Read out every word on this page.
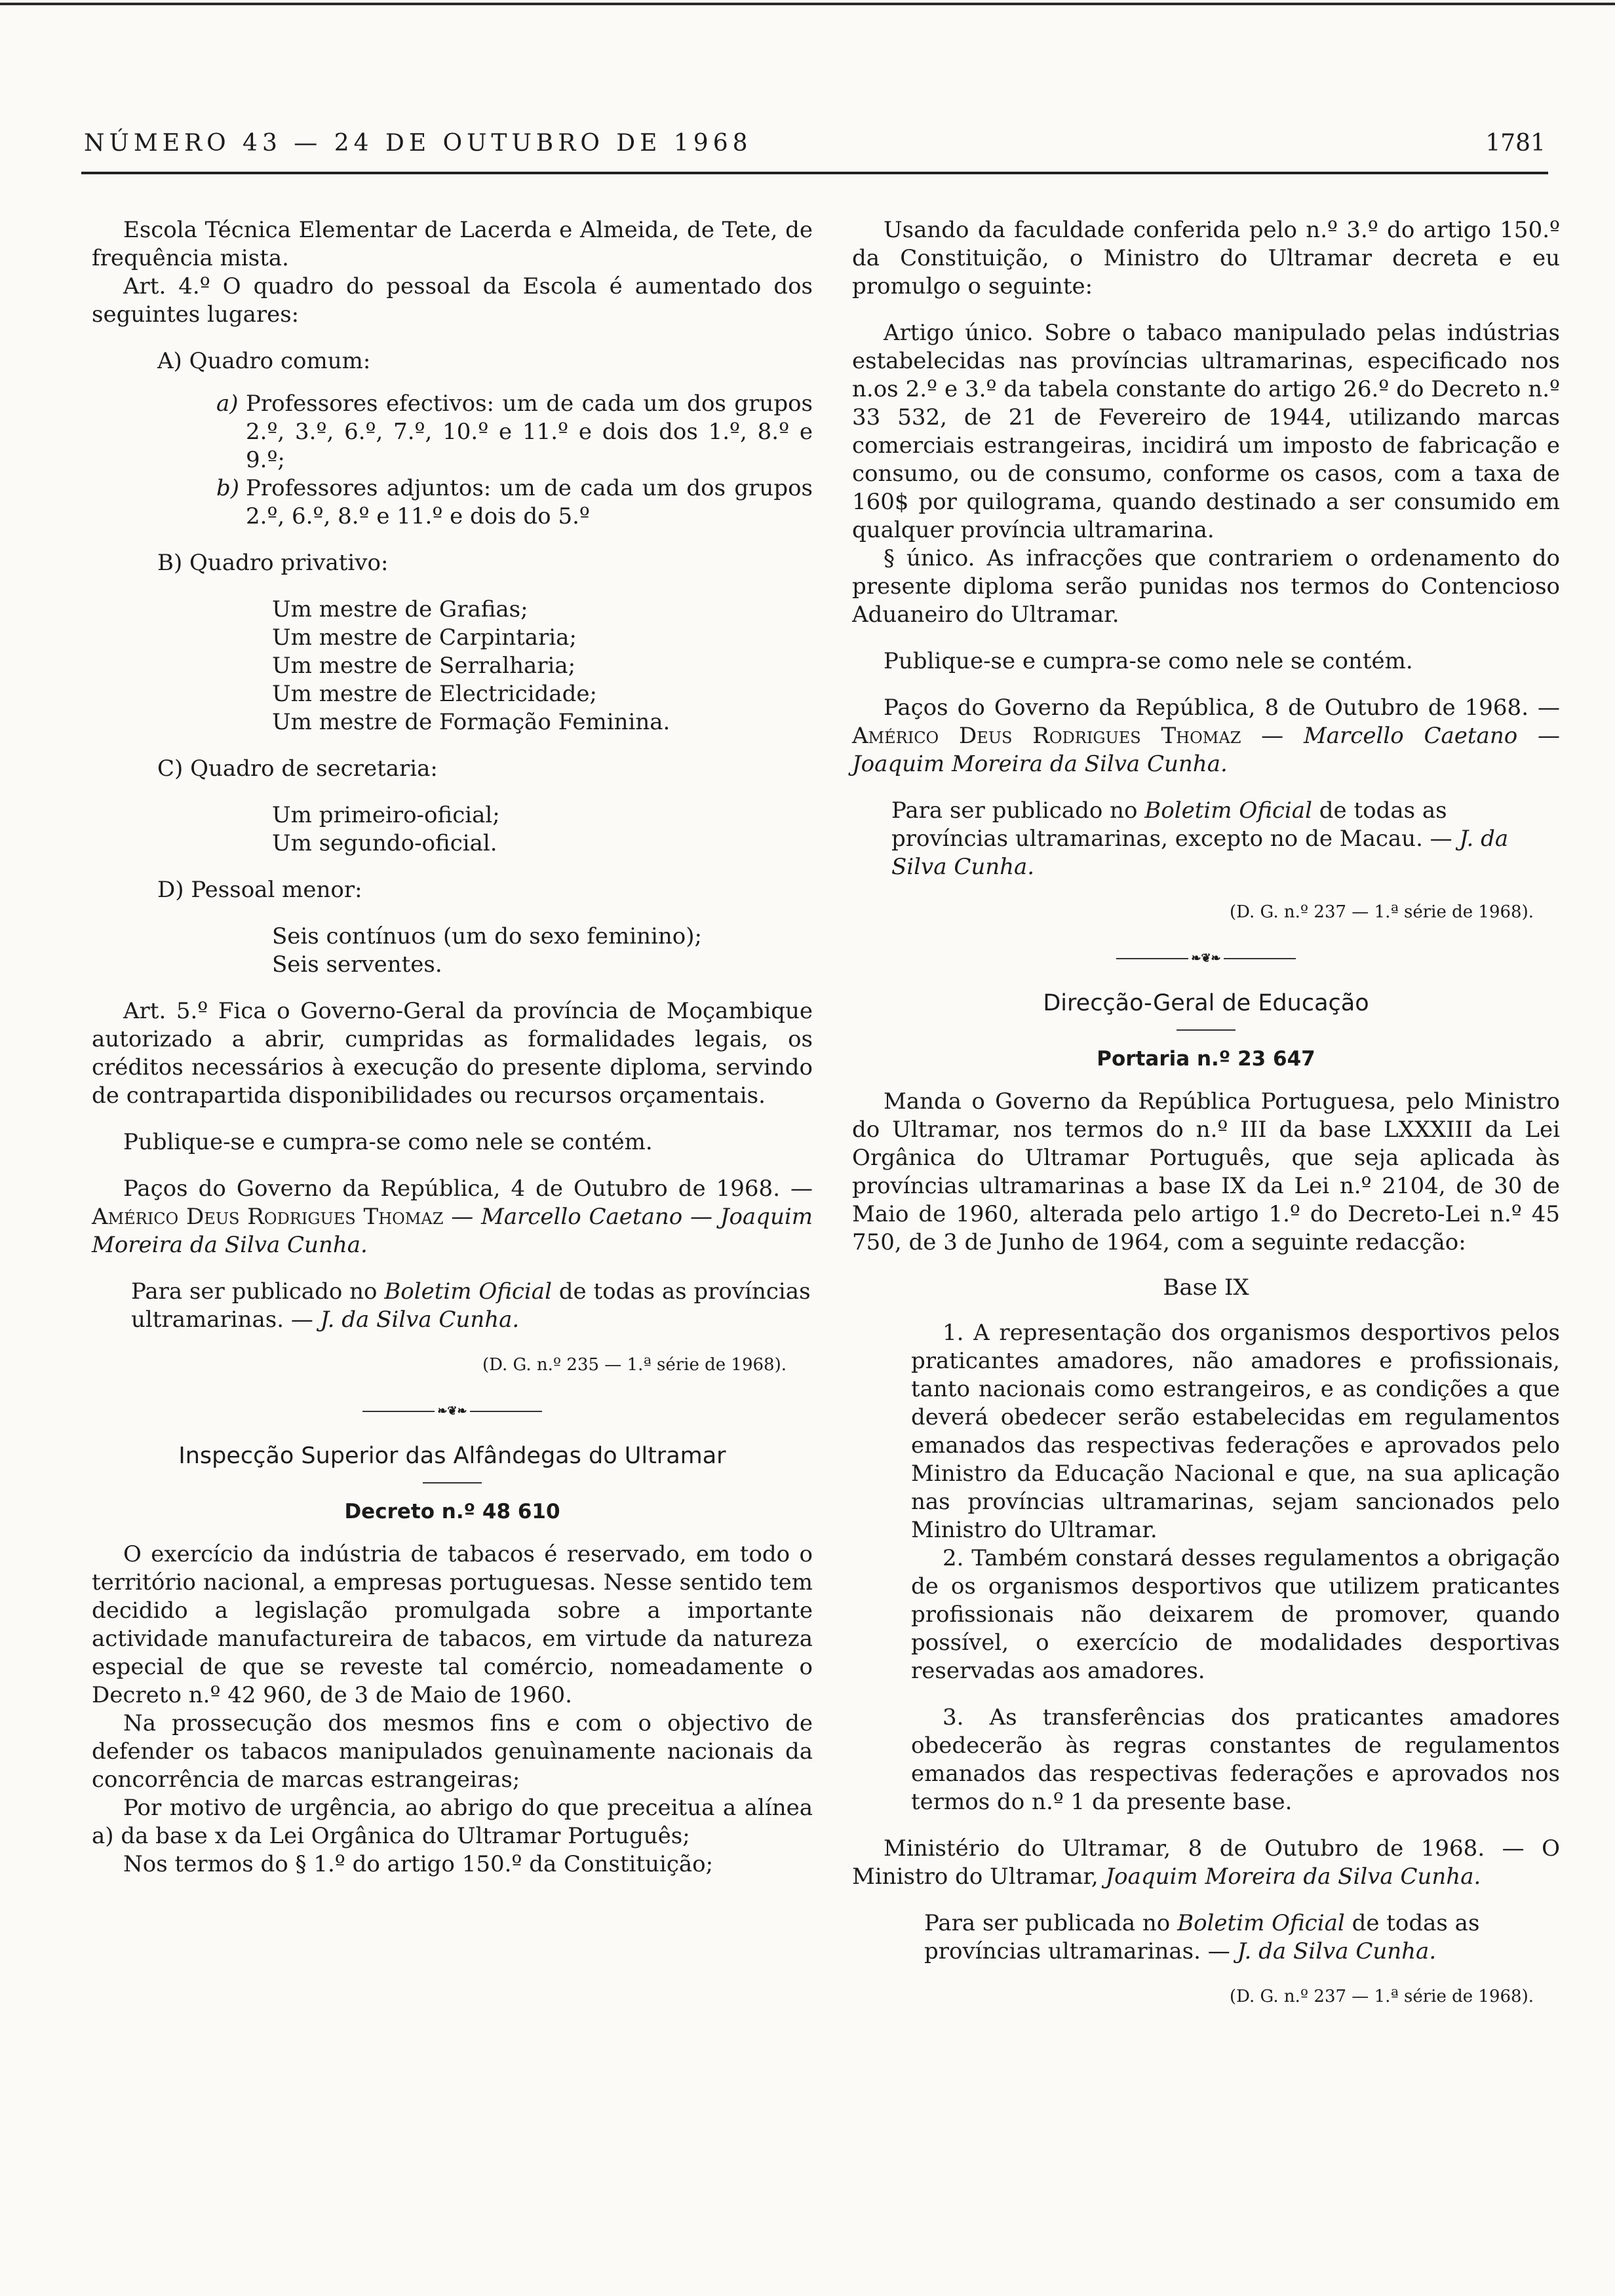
NÚMERO 43 — 24 DE OUTUBRO DE 1968	1781

Escola Técnica Elementar de Lacerda e Almeida, de Tete, de frequência mista.

Art. 4.º O quadro do pessoal da Escola é aumentado dos seguintes lugares:

A) Quadro comum:
a) Professores efectivos: um de cada um dos grupos 2.º, 3.º, 6.º, 7.º, 10.º e 11.º e dois dos 1.º, 8.º e 9.º;

b) Professores adjuntos: um de cada um dos grupos 2.º, 6.º, 8.º e 11.º e dois do 5.º

B) Quadro privativo:
Um mestre de Grafias;
Um mestre de Carpintaria;
Um mestre de Serralharia;
Um mestre de Electricidade;
Um mestre de Formação Feminina.
C) Quadro de secretaria:
Um primeiro-oficial;
Um segundo-oficial.
D) Pessoal menor:
Seis contínuos (um do sexo feminino);
Seis serventes.

Art. 5.º Fica o Governo-Geral da província de Moçambique autorizado a abrir, cumpridas as formalidades legais, os créditos necessários à execução do presente diploma, servindo de contrapartida disponibilidades ou recursos orçamentais.

Publique-se e cumpra-se como nele se contém.

Paços do Governo da República, 4 de Outubro de 1968. — Américo Deus Rodrigues Thomaz — Marcello Caetano — Joaquim Moreira da Silva Cunha.

Para ser publicado no Boletim Oficial de todas as províncias ultramarinas. — J. da Silva Cunha.

(D. G. n.º 235 — 1.ª série de 1968).
❧❦❧
Inspecção Superior das Alfândegas do Ultramar
Decreto n.º 48 610

O exercício da indústria de tabacos é reservado, em todo o território nacional, a empresas portuguesas. Nesse sentido tem decidido a legislação promulgada sobre a importante actividade manufactureira de tabacos, em virtude da natureza especial de que se reveste tal comércio, nomeadamente o Decreto n.º 42 960, de 3 de Maio de 1960.

Na prossecução dos mesmos fins e com o objectivo de defender os tabacos manipulados genuìnamente nacionais da concorrência de marcas estrangeiras;

Por motivo de urgência, ao abrigo do que preceitua a alínea a) da base x da Lei Orgânica do Ultramar Português;

Nos termos do § 1.º do artigo 150.º da Constituição;

Usando da faculdade conferida pelo n.º 3.º do artigo 150.º da Constituição, o Ministro do Ultramar decreta e eu promulgo o seguinte:

Artigo único. Sobre o tabaco manipulado pelas indústrias estabelecidas nas províncias ultramarinas, especificado nos n.os 2.º e 3.º da tabela constante do artigo 26.º do Decreto n.º 33 532, de 21 de Fevereiro de 1944, utilizando marcas comerciais estrangeiras, incidirá um imposto de fabricação e consumo, ou de consumo, conforme os casos, com a taxa de 160$ por quilograma, quando destinado a ser consumido em qualquer província ultramarina.

§ único. As infracções que contrariem o ordenamento do presente diploma serão punidas nos termos do Contencioso Aduaneiro do Ultramar.

Publique-se e cumpra-se como nele se contém.

Paços do Governo da República, 8 de Outubro de 1968. — Américo Deus Rodrigues Thomaz — Marcello Caetano — Joaquim Moreira da Silva Cunha.

Para ser publicado no Boletim Oficial de todas as províncias ultramarinas, excepto no de Macau. — J. da Silva Cunha.

(D. G. n.º 237 — 1.ª série de 1968).
❧❦❧
Direcção-Geral de Educação
Portaria n.º 23 647

Manda o Governo da República Portuguesa, pelo Ministro do Ultramar, nos termos do n.º III da base LXXXIII da Lei Orgânica do Ultramar Português, que seja aplicada às províncias ultramarinas a base IX da Lei n.º 2104, de 30 de Maio de 1960, alterada pelo artigo 1.º do Decreto-Lei n.º 45 750, de 3 de Junho de 1964, com a seguinte redacção:

Base IX

1. A representação dos organismos desportivos pelos praticantes amadores, não amadores e profissionais, tanto nacionais como estrangeiros, e as condições a que deverá obedecer serão estabelecidas em regulamentos emanados das respectivas federações e aprovados pelo Ministro da Educação Nacional e que, na sua aplicação nas províncias ultramarinas, sejam sancionados pelo Ministro do Ultramar.

2. Também constará desses regulamentos a obrigação de os organismos desportivos que utilizem praticantes profissionais não deixarem de promover, quando possível, o exercício de modalidades desportivas reservadas aos amadores.

3. As transferências dos praticantes amadores obedecerão às regras constantes de regulamentos emanados das respectivas federações e aprovados nos termos do n.º 1 da presente base.

Ministério do Ultramar, 8 de Outubro de 1968. — O Ministro do Ultramar, Joaquim Moreira da Silva Cunha.

Para ser publicada no Boletim Oficial de todas as províncias ultramarinas. — J. da Silva Cunha.

(D. G. n.º 237 — 1.ª série de 1968).
